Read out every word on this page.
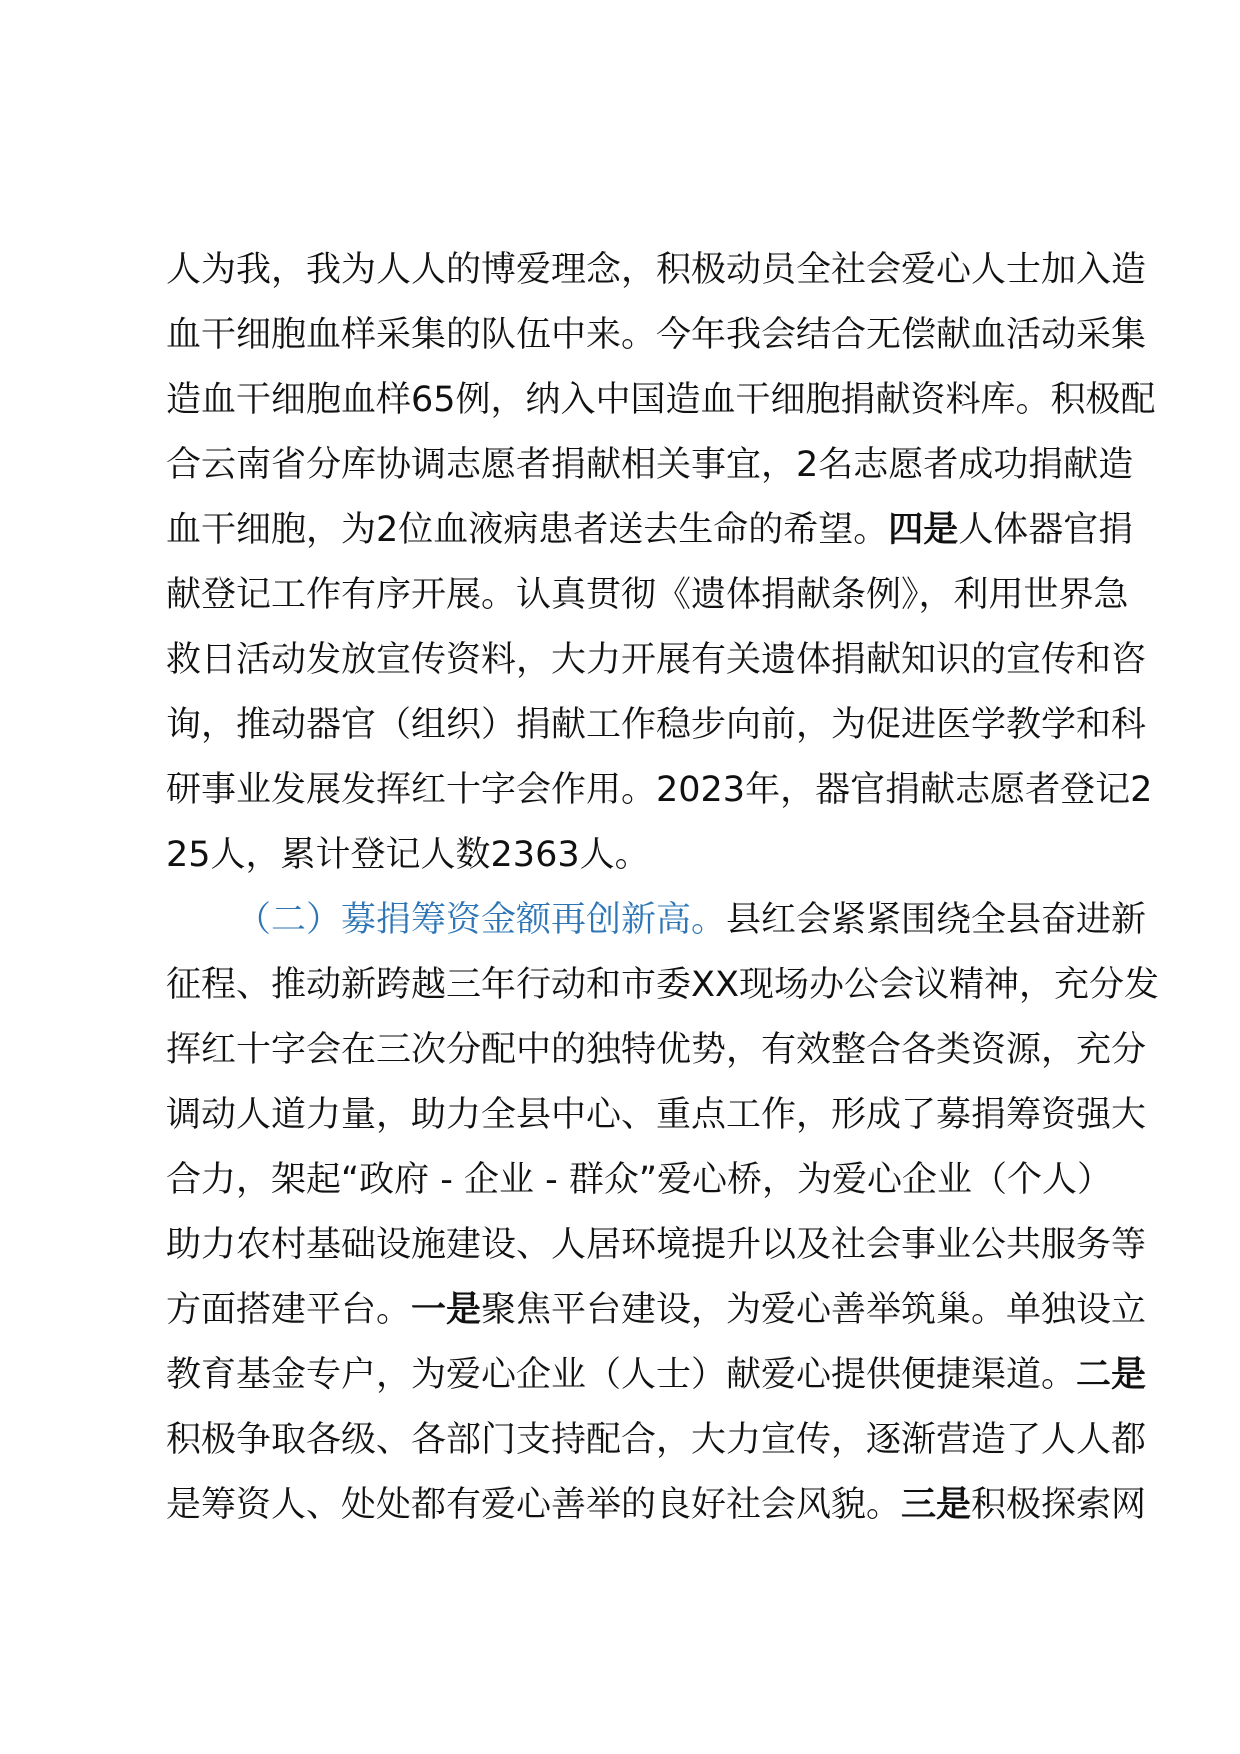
人为我，我为人人的博爱理念，积极动员全社会爱心人士加入造
血干细胞血样采集的队伍中来。今年我会结合无偿献血活动采集
造血干细胞血样65例，纳入中国造血干细胞捐献资料库。积极配
合云南省分库协调志愿者捐献相关事宜，2名志愿者成功捐献造
血干细胞，为2位血液病患者送去生命的希望。四是人体器官捐
献登记工作有序开展。认真贯彻《遗体捐献条例》，利用世界急
救日活动发放宣传资料，大力开展有关遗体捐献知识的宣传和咨
询，推动器官（组织）捐献工作稳步向前，为促进医学教学和科
研事业发展发挥红十字会作用。2023年，器官捐献志愿者登记2
25人，累计登记人数2363人。
（二）募捐筹资金额再创新高。县红会紧紧围绕全县奋进新
征程、推动新跨越三年行动和市委XX现场办公会议精神，充分发
挥红十字会在三次分配中的独特优势，有效整合各类资源，充分
调动人道力量，助力全县中心、重点工作，形成了募捐筹资强大
合力，架起“政府 - 企业 - 群众”爱心桥，为爱心企业（个人）
助力农村基础设施建设、人居环境提升以及社会事业公共服务等
方面搭建平台。一是聚焦平台建设，为爱心善举筑巢。单独设立
教育基金专户，为爱心企业（人士）献爱心提供便捷渠道。二是
积极争取各级、各部门支持配合，大力宣传，逐渐营造了人人都
是筹资人、处处都有爱心善举的良好社会风貌。三是积极探索网
